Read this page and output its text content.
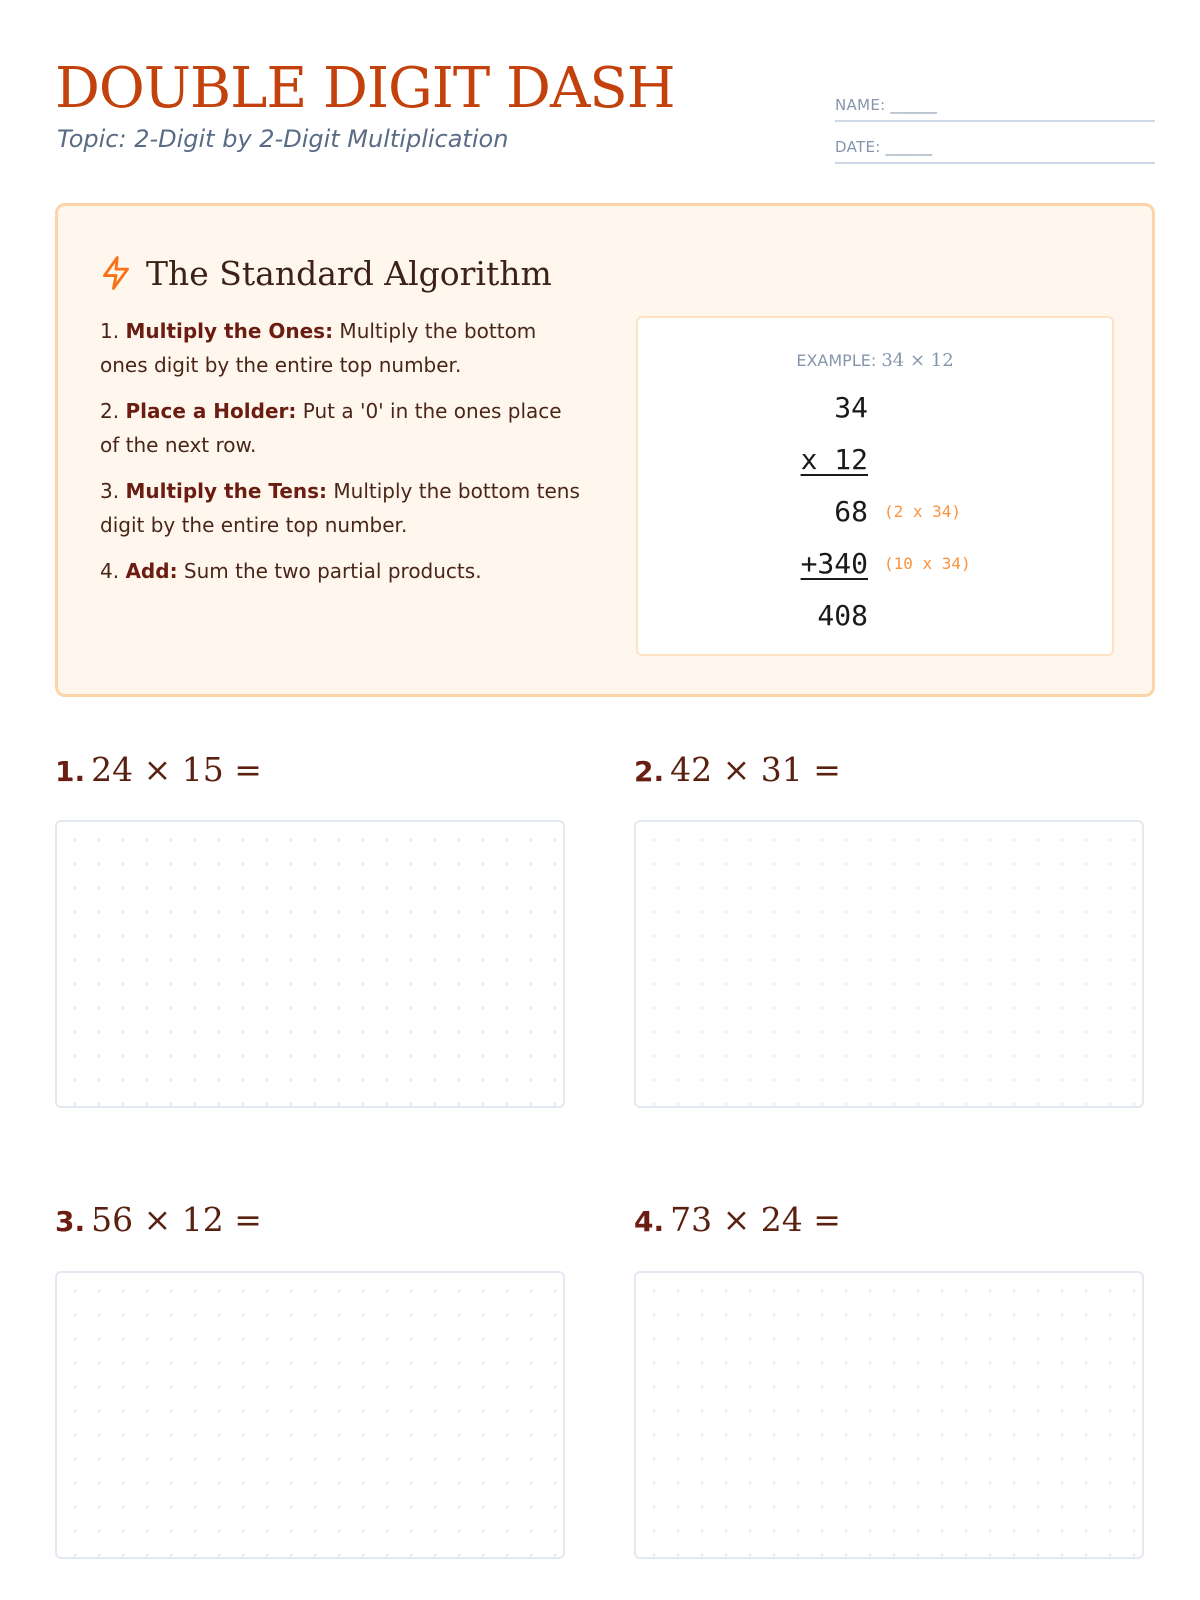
DOUBLE DIGIT DASH
Topic: 2-Digit by 2-Digit Multiplication
NAME: ______
DATE: ______
The Standard Algorithm
1. Multiply the Ones: Multiply the bottom ones digit by the entire top number.
2. Place a Holder: Put a '0' in the ones place of the next row.
3. Multiply the Tens: Multiply the bottom tens digit by the entire top number.
4. Add: Sum the two partial products.
EXAMPLE: 34 × 12
34
x 12
68 (2 x 34)
+340 (10 x 34)
408
1. 24 × 15 =	2. 42 × 31 =
3. 56 × 12 =	4. 73 × 24 =
